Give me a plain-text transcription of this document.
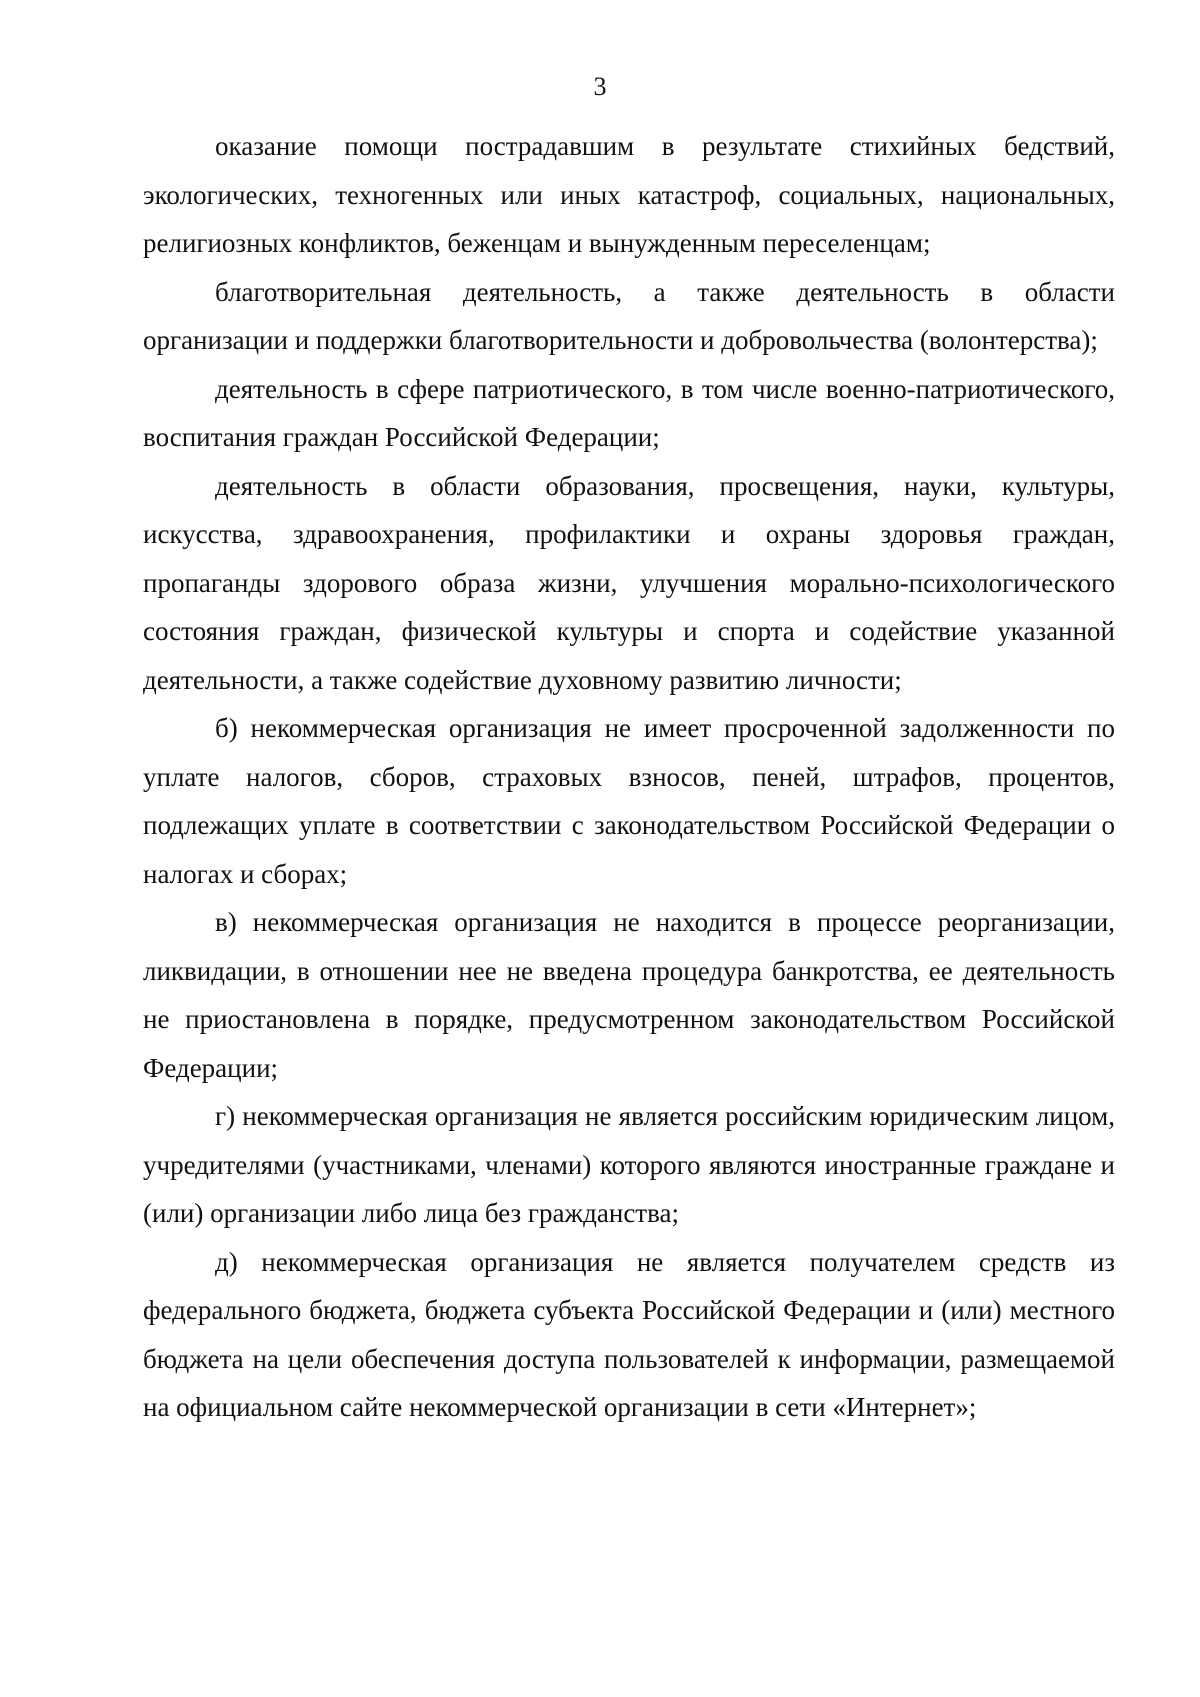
3

оказание помощи пострадавшим в результате стихийных бедствий, экологических, техногенных или иных катастроф, социальных, национальных, религиозных конфликтов, беженцам и вынужденным переселенцам;

благотворительная деятельность, а также деятельность в области организации и поддержки благотворительности и добровольчества (волонтерства);

деятельность в сфере патриотического, в том числе военно-патриотического, воспитания граждан Российской Федерации;

деятельность в области образования, просвещения, науки, культуры, искусства, здравоохранения, профилактики и охраны здоровья граждан, пропаганды здорового образа жизни, улучшения морально-психологического состояния граждан, физической культуры и спорта и содействие указанной деятельности, а также содействие духовному развитию личности;

б) некоммерческая организация не имеет просроченной задолженности по уплате налогов, сборов, страховых взносов, пеней, штрафов, процентов, подлежащих уплате в соответствии с законодательством Российской Федерации о налогах и сборах;

в) некоммерческая организация не находится в процессе реорганизации, ликвидации, в отношении нее не введена процедура банкротства, ее деятельность не приостановлена в порядке, предусмотренном законодательством Российской Федерации;

г) некоммерческая организация не является российским юридическим лицом, учредителями (участниками, членами) которого являются иностранные граждане и (или) организации либо лица без гражданства;

д) некоммерческая организация не является получателем средств из федерального бюджета, бюджета субъекта Российской Федерации и (или) местного бюджета на цели обеспечения доступа пользователей к информации, размещаемой на официальном сайте некоммерческой организации в сети «Интернет»;
